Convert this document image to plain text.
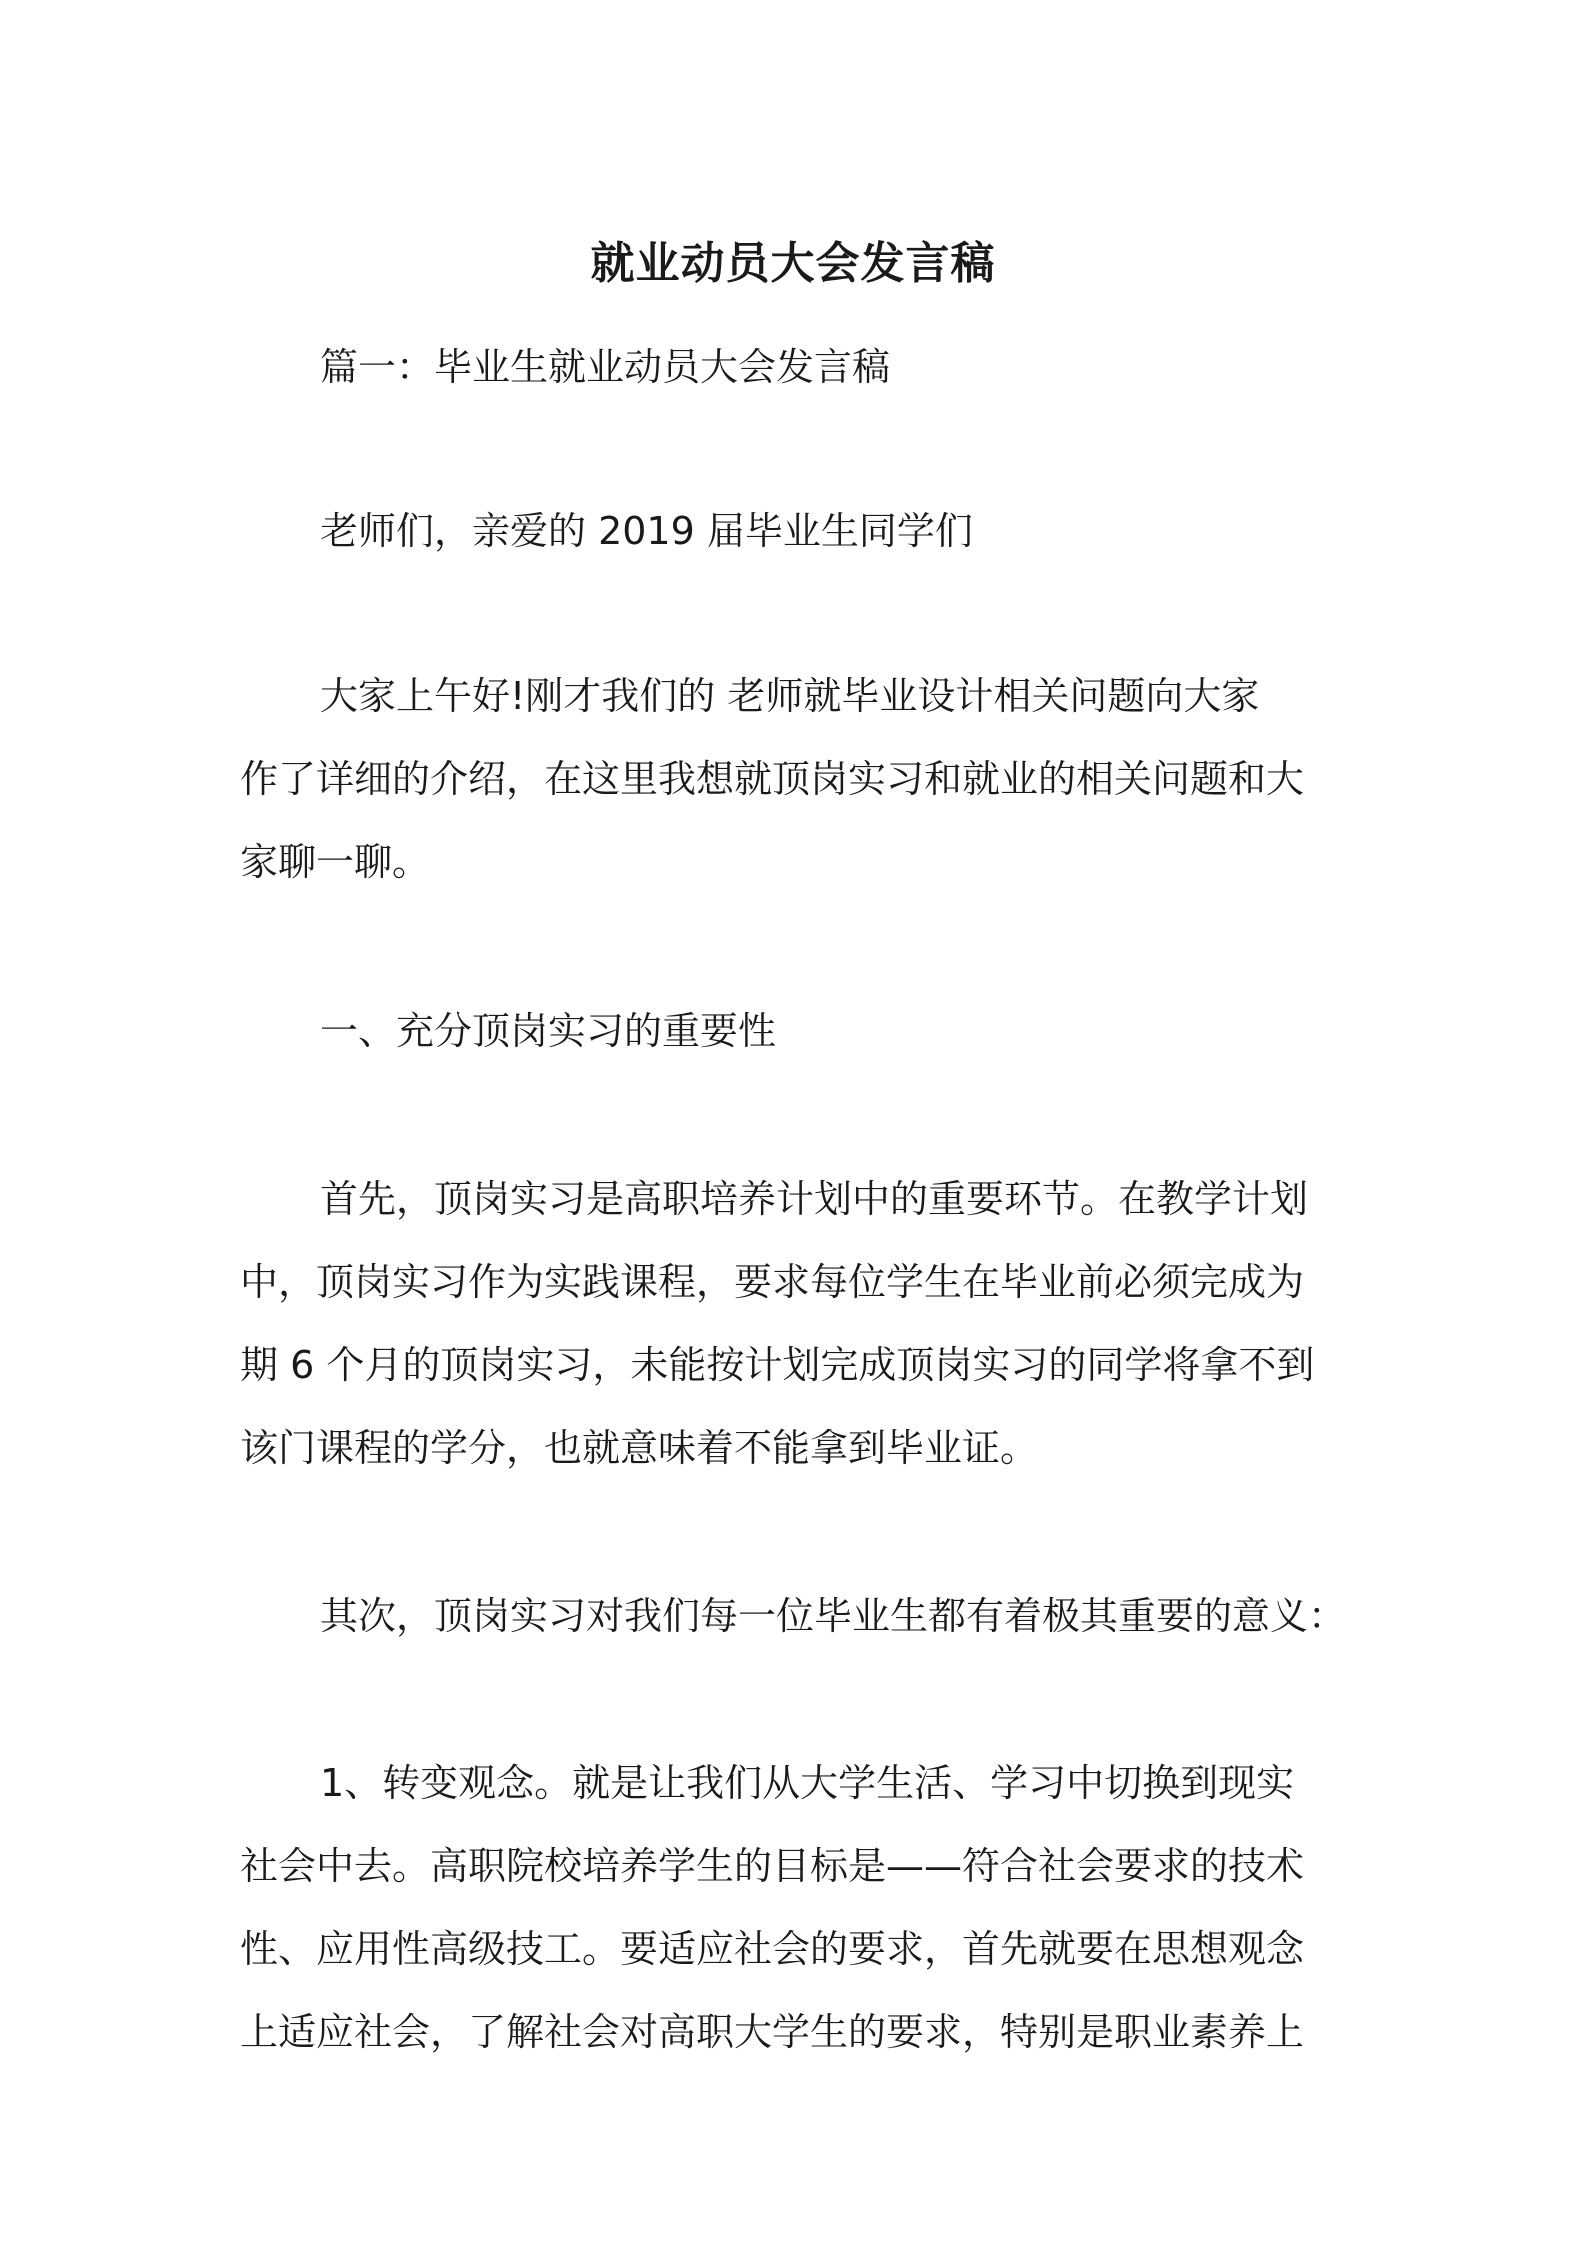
就业动员大会发言稿
篇一：毕业生就业动员大会发言稿
老师们，亲爱的 2019 届毕业生同学们
大家上午好!刚才我们的 老师就毕业设计相关问题向大家
作了详细的介绍，在这里我想就顶岗实习和就业的相关问题和大
家聊一聊。
一、充分顶岗实习的重要性
首先，顶岗实习是高职培养计划中的重要环节。在教学计划
中，顶岗实习作为实践课程，要求每位学生在毕业前必须完成为
期 6 个月的顶岗实习，未能按计划完成顶岗实习的同学将拿不到
该门课程的学分，也就意味着不能拿到毕业证。
其次，顶岗实习对我们每一位毕业生都有着极其重要的意义：
1、转变观念。就是让我们从大学生活、学习中切换到现实
社会中去。高职院校培养学生的目标是——符合社会要求的技术
性、应用性高级技工。要适应社会的要求，首先就要在思想观念
上适应社会，了解社会对高职大学生的要求，特别是职业素养上
